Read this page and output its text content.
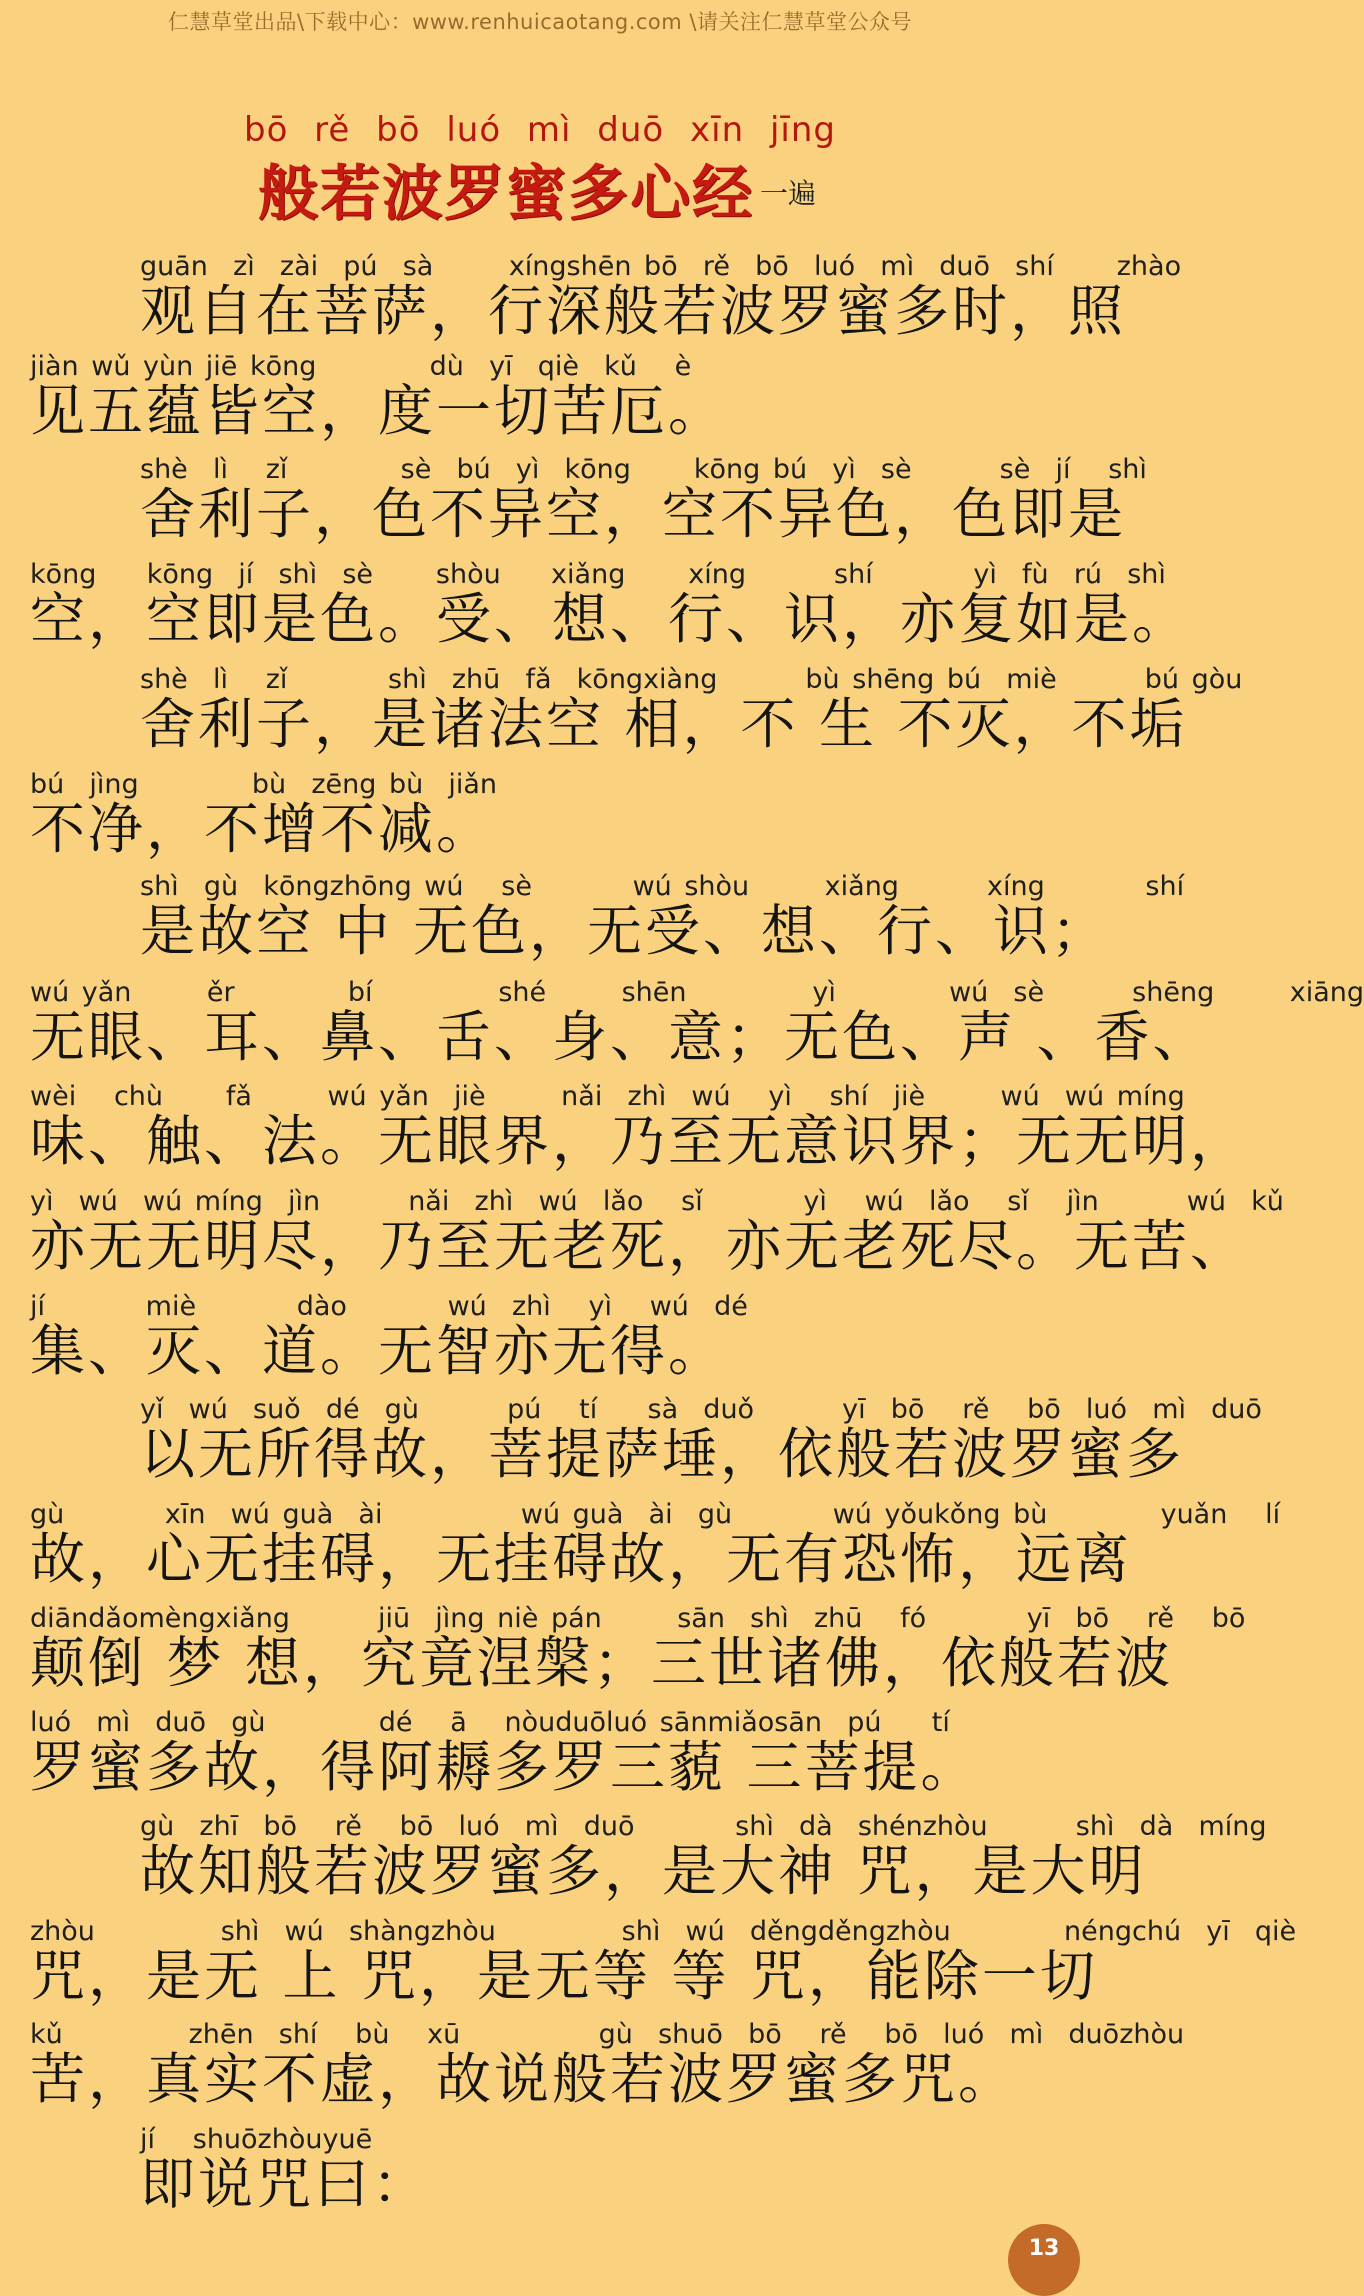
仁慧草堂出品\下载中心：www.renhuicaotang.com \请关注仁慧草堂公众号
bō rě bō luó mì duō xīn jīng
般若波罗蜜多心经 一遍
guān  zì  zài  pú  sà      xíngshēn bō  rě  bō  luó  mì  duō  shí     zhào
观自在菩萨，行深般若波罗蜜多时，照
jiàn wǔ yùn jiē kōng         dù  yī  qiè  kǔ   è
见五蕴皆空，度一切苦厄。
shè  lì   zǐ         sè  bú  yì  kōng     kōng bú  yì  sè       sè  jí   shì
舍利子，色不异空，空不异色，色即是
kōng    kōng  jí  shì  sè     shòu    xiǎng     xíng       shí        yì  fù  rú  shì
空，空即是色。受、想、行、识，亦复如是。
shè  lì   zǐ        shì  zhū  fǎ  kōngxiàng       bù shēng bú  miè       bú gòu
舍利子，是诸法空 相，不 生 不灭，不垢
bú  jìng         bù  zēng bù  jiǎn
不净，不增不减。
shì  gù  kōngzhōng wú   sè        wú shòu      xiǎng       xíng        shí
是故空 中 无色，无受、想、行、识；
wú yǎn      ěr         bí          shé      shēn          yì         wú  sè       shēng      xiāng
无眼、耳、鼻、舌、身、意；无色、声 、香、
wèi   chù     fǎ      wú yǎn  jiè      nǎi  zhì  wú   yì   shí  jiè      wú  wú míng
味、触、法。无眼界，乃至无意识界；无无明，
yì  wú  wú míng  jìn       nǎi  zhì  wú  lǎo   sǐ        yì   wú  lǎo   sǐ   jìn       wú  kǔ
亦无无明尽，乃至无老死，亦无老死尽。无苦、
jí        miè        dào        wú  zhì   yì   wú  dé
集、灭、道。无智亦无得。
yǐ  wú  suǒ  dé  gù       pú   tí    sà  duǒ       yī  bō   rě   bō  luó  mì  duō
以无所得故，菩提萨埵，依般若波罗蜜多
gù        xīn  wú guà  ài           wú guà  ài  gù        wú yǒukǒng bù         yuǎn   lí
故，心无挂碍，无挂碍故，无有恐怖，远离
diāndǎomèngxiǎng       jiū  jìng niè pán      sān  shì  zhū   fó        yī  bō   rě   bō
颠倒 梦 想，究竟涅槃；三世诸佛，依般若波
luó  mì  duō  gù         dé   ā   nòuduōluó sānmiǎosān  pú    tí
罗蜜多故，得阿耨多罗三藐 三菩提。
gù  zhī  bō   rě   bō  luó  mì  duō        shì  dà  shénzhòu       shì  dà  míng
故知般若波罗蜜多，是大神 咒，是大明
zhòu          shì  wú  shàngzhòu          shì  wú  děngděngzhòu         néngchú  yī  qiè
咒，是无 上 咒，是无等 等 咒，能除一切
kǔ          zhēn  shí   bù   xū           gù  shuō  bō   rě   bō  luó  mì  duōzhòu
苦，真实不虚，故说般若波罗蜜多咒。
jí   shuōzhòuyuē
即说咒曰：
13
